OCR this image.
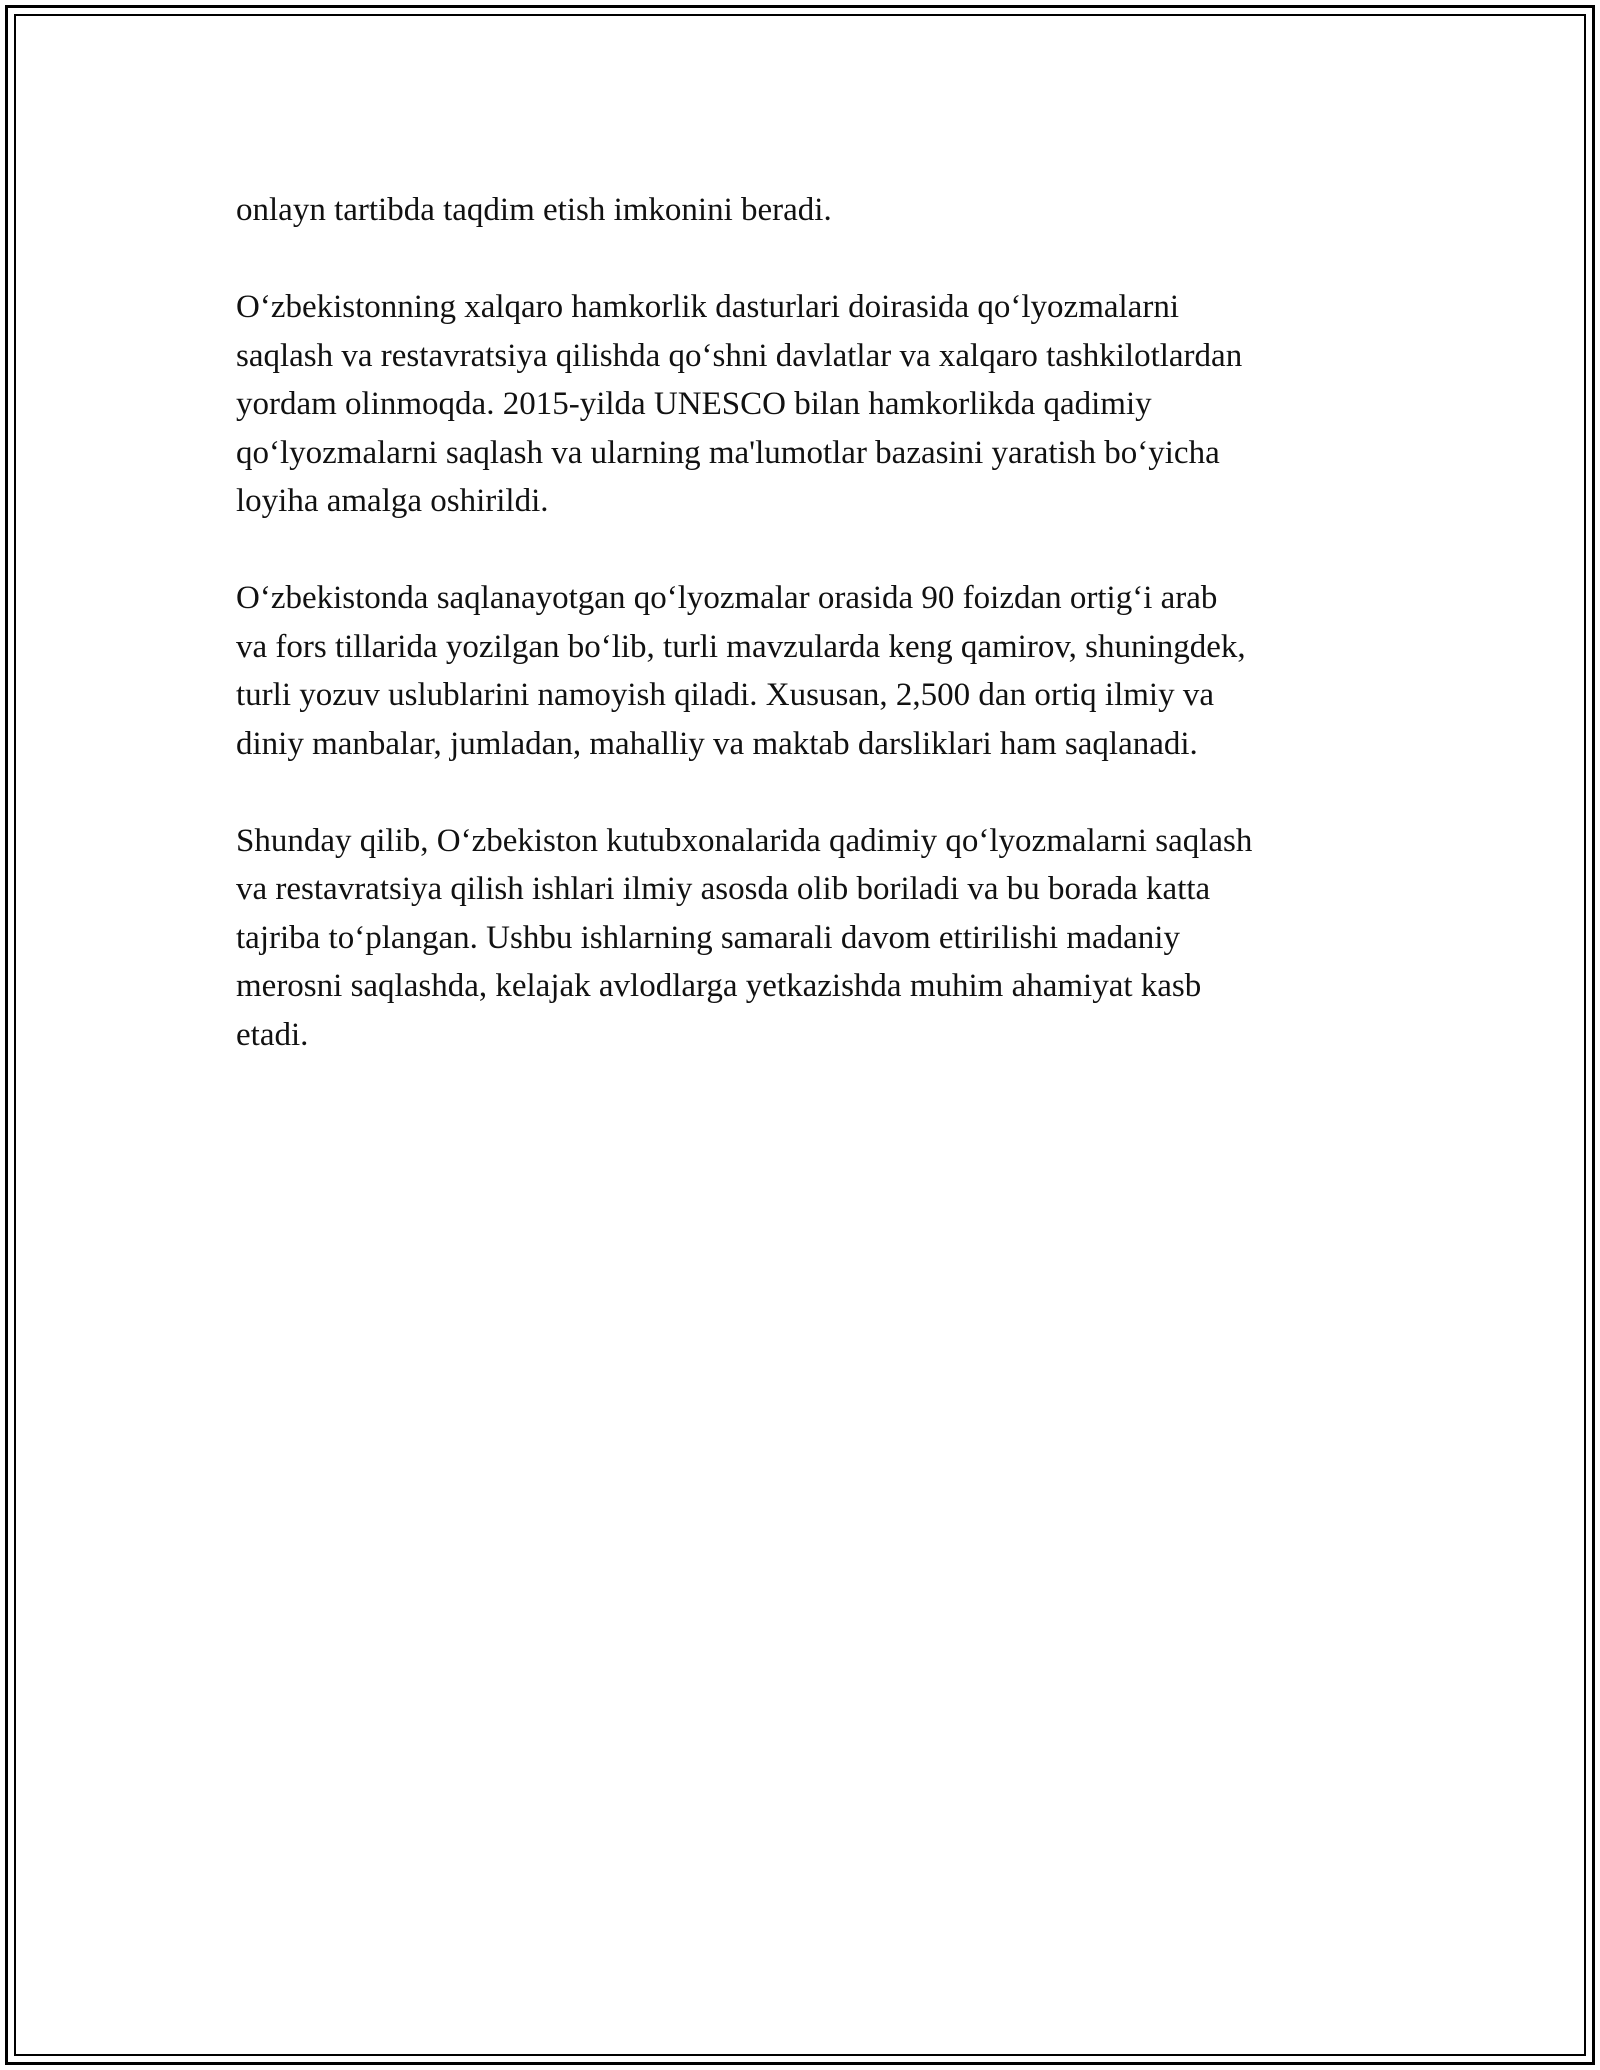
onlayn tartibda taqdim etish imkonini beradi.

O‘zbekistonning xalqaro hamkorlik dasturlari doirasida qo‘lyozmalarni
saqlash va restavratsiya qilishda qo‘shni davlatlar va xalqaro tashkilotlardan
yordam olinmoqda. 2015-yilda UNESCO bilan hamkorlikda qadimiy
qo‘lyozmalarni saqlash va ularning ma'lumotlar bazasini yaratish bo‘yicha
loyiha amalga oshirildi.

O‘zbekistonda saqlanayotgan qo‘lyozmalar orasida 90 foizdan ortig‘i arab
va fors tillarida yozilgan bo‘lib, turli mavzularda keng qamirov, shuningdek,
turli yozuv uslublarini namoyish qiladi. Xususan, 2,500 dan ortiq ilmiy va
diniy manbalar, jumladan, mahalliy va maktab darsliklari ham saqlanadi.

Shunday qilib, O‘zbekiston kutubxonalarida qadimiy qo‘lyozmalarni saqlash
va restavratsiya qilish ishlari ilmiy asosda olib boriladi va bu borada katta
tajriba to‘plangan. Ushbu ishlarning samarali davom ettirilishi madaniy
merosni saqlashda, kelajak avlodlarga yetkazishda muhim ahamiyat kasb
etadi.
